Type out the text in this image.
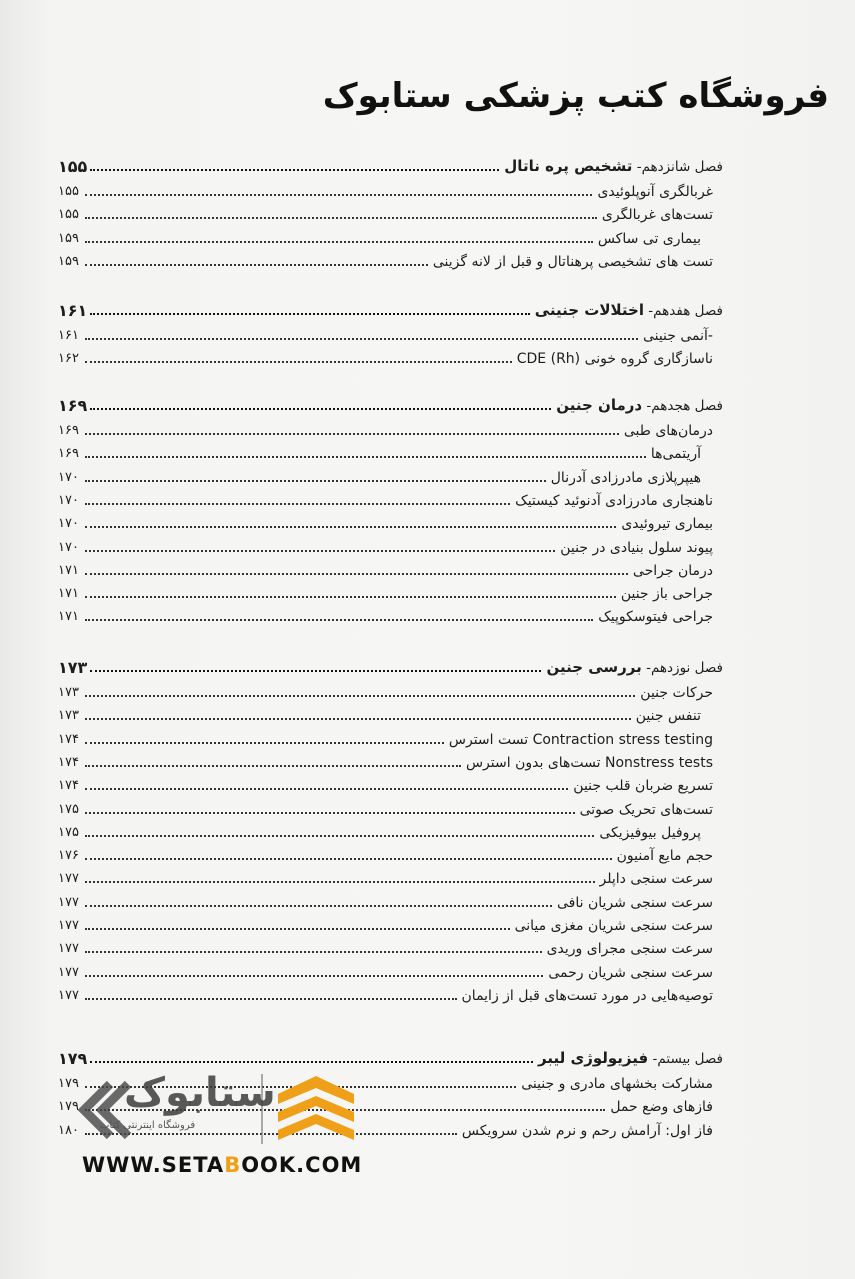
فروشگاه کتب پزشکی ستابوک
فصل شانزدهم- تشخیص پره ناتال
۱۵۵
غربالگری آنوپلوئیدی
۱۵۵
تست‌های غربالگری
۱۵۵
بیماری تی ساکس
۱۵۹
تست های تشخیصی پرهناتال و قبل از لانه گزینی
۱۵۹
فصل هفدهم- اختلالات جنینی
۱۶۱
-آنمی جنینی
۱۶۱
ناسازگاری گروه خونی (Rh) CDE
۱۶۲
فصل هجدهم- درمان جنین
۱۶۹
درمان‌های طبی
۱۶۹
آریتمی‌ها
۱۶۹
هیپرپلازی مادرزادی آدرنال
۱۷۰
ناهنجاری مادرزادی آدنوئید کیستیک
۱۷۰
بیماری تیروئیدی
۱۷۰
پیوند سلول بنیادی در جنین
۱۷۰
درمان جراحی
۱۷۱
جراحی باز جنین
۱۷۱
جراحی فیتوسکوپیک
۱۷۱
فصل نوزدهم- بررسی جنین
۱۷۳
حرکات جنین
۱۷۳
تنفس جنین
۱۷۳
Contraction stress testing تست استرس
۱۷۴
Nonstress tests تست‌های بدون استرس
۱۷۴
تسریع ضربان قلب جنین
۱۷۴
تست‌های تحریک صوتی
۱۷۵
پروفیل بیوفیزیکی
۱۷۵
حجم مایع آمنیون
۱۷۶
سرعت سنجی داپلر
۱۷۷
سرعت سنجی شریان نافی
۱۷۷
سرعت سنجی شریان مغزی میانی
۱۷۷
سرعت سنجی مجرای وریدی
۱۷۷
سرعت سنجی شریان رحمی
۱۷۷
توصیه‌هایی در مورد تست‌های قبل از زایمان
۱۷۷
فصل بیستم- فیزیولوژی لیبر
۱۷۹
مشارکت بخشهای مادری و جنینی
۱۷۹
فازهای وضع حمل
۱۷۹
فاز اول: آرامش رحم و نرم شدن سرویکس
۱۸۰
ستابوک
فروشگاه اینترنتی کتاب
WWW.SETABOOK.COM
